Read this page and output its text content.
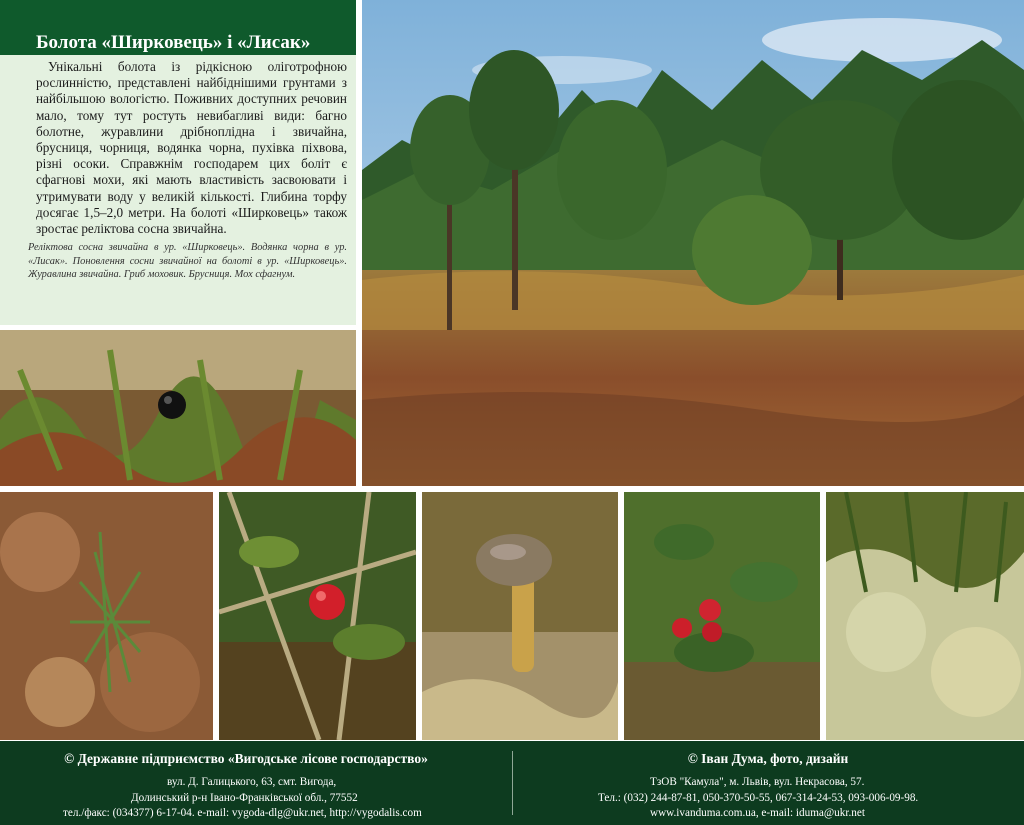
Болота «Ширковець» і «Лисак»

Унікальні болота із рідкісною оліготрофною рослинністю, представлені найбіднішими грунтами з найбільшою вологістю. Поживних доступних речовин мало, тому тут ростуть невибагливі види: багно болотне, журавлини дрібноплідна і звичайна, брусниця, чорниця, водянка чорна, пухівка піхвова, різні осоки. Справжнім господарем цих боліт є сфагнові мохи, які мають властивість засвоювати і утримувати воду у великій кількості. Глибина торфу досягає 1,5–2,0 метри. На болоті «Ширковець» також зростає реліктова сосна звичайна.

Реліктова сосна звичайна в ур. «Ширковець». Водянка чорна в ур. «Лисак». Поновлення сосни звичайної на болоті в ур. «Ширковець». Журавлина звичайна. Гриб моховик. Брусниця. Мох сфагнум.

© Державне підприємство «Вигодське лісове господарство»
вул. Д. Галицького, 63, смт. Вигода,
Долинський р-н Івано-Франківської обл., 77552
тел./факс: (034377) 6-17-04. e-mail: vygoda-dlg@ukr.net, http://vygodalis.com
© Іван Дума, фото, дизайн
ТзОВ "Камула", м. Львів, вул. Некрасова, 57.
Тел.: (032) 244-87-81, 050-370-50-55, 067-314-24-53, 093-006-09-98.
www.ivanduma.com.ua, e-mail: iduma@ukr.net
